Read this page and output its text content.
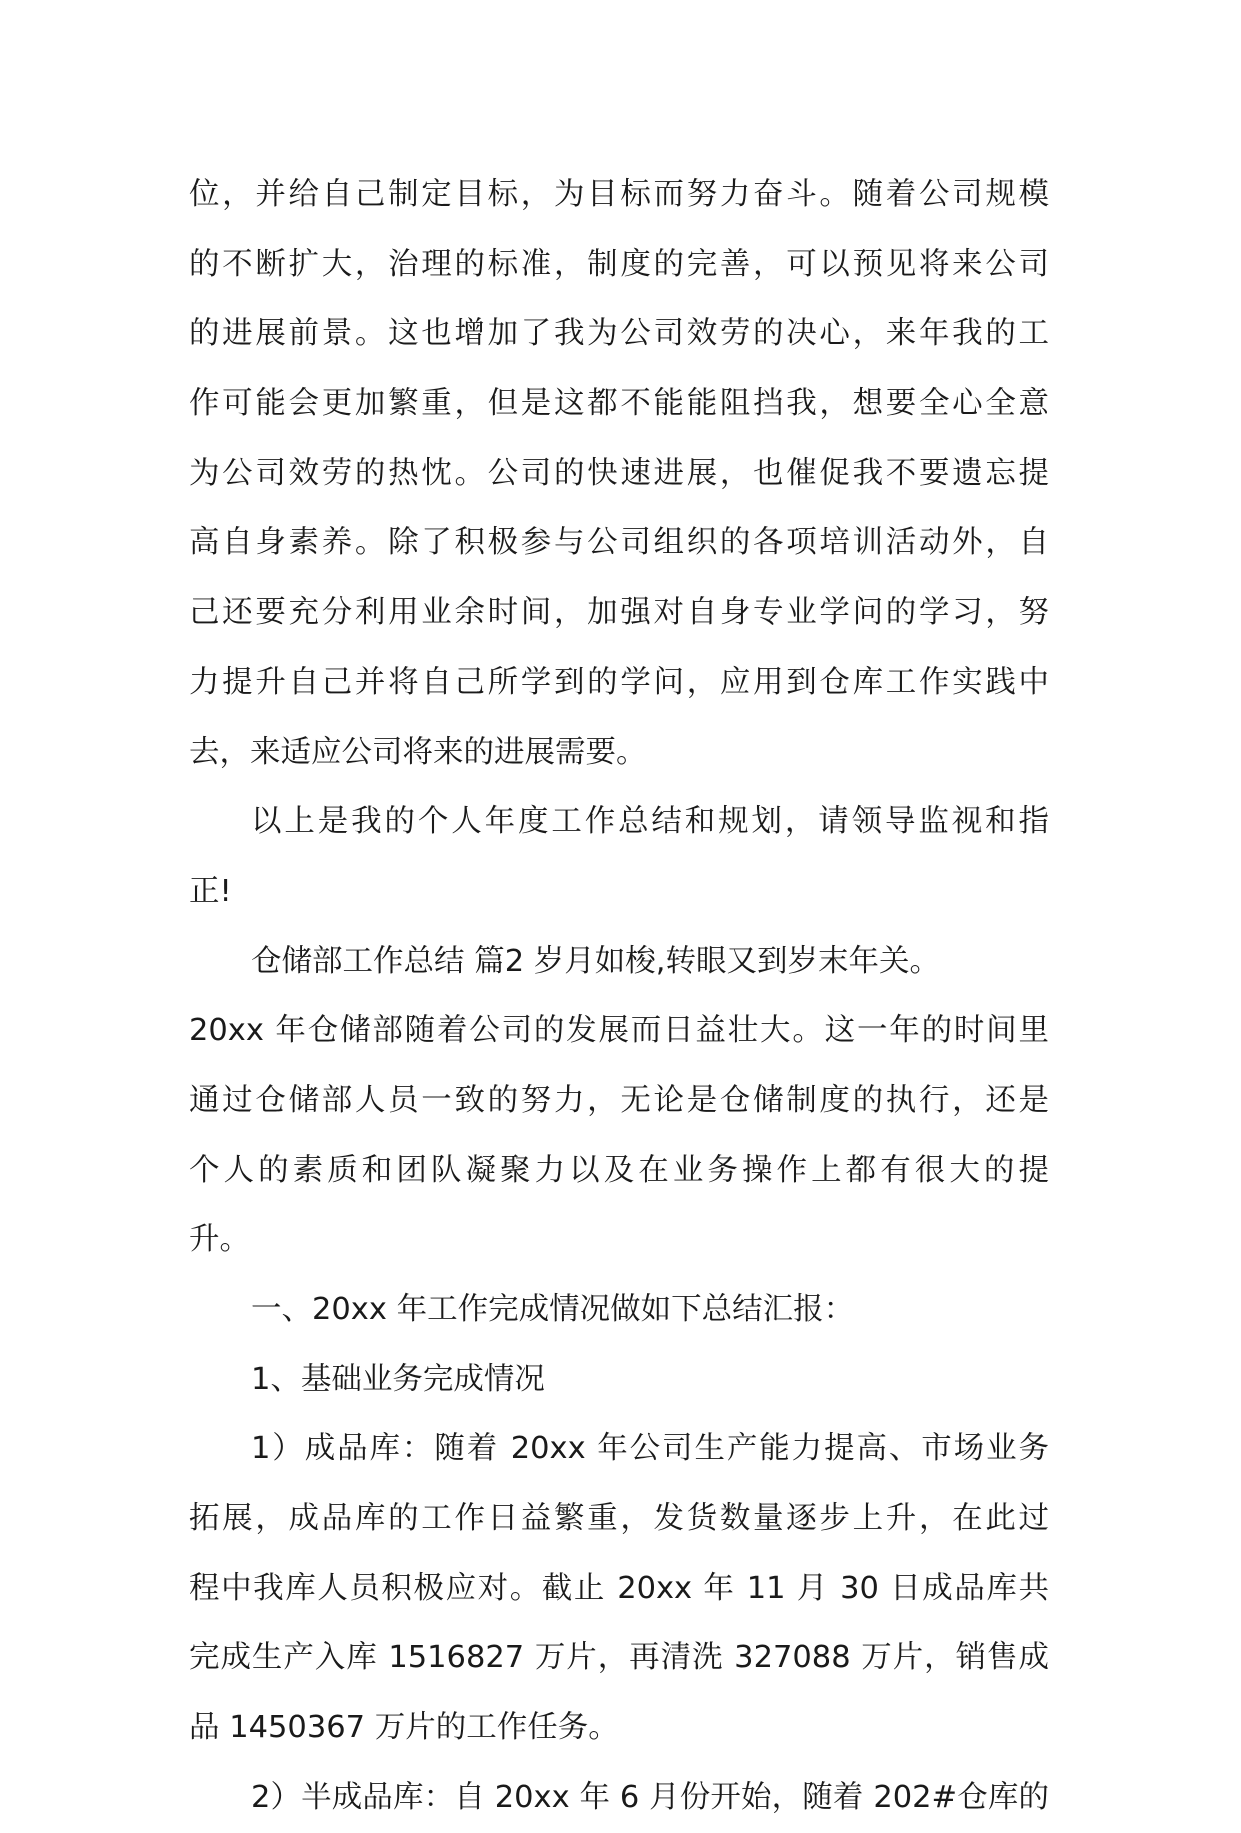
位，并给自己制定目标，为目标而努力奋斗。随着公司规模

的不断扩大，治理的标准，制度的完善，可以预见将来公司

的进展前景。这也增加了我为公司效劳的决心，来年我的工

作可能会更加繁重，但是这都不能能阻挡我，想要全心全意

为公司效劳的热忱。公司的快速进展，也催促我不要遗忘提

高自身素养。除了积极参与公司组织的各项培训活动外，自

己还要充分利用业余时间，加强对自身专业学问的学习，努

力提升自己并将自己所学到的学问，应用到仓库工作实践中

去，来适应公司将来的进展需要。

以上是我的个人年度工作总结和规划，请领导监视和指

正!

仓储部工作总结 篇2 岁月如梭,转眼又到岁末年关。

20xx 年仓储部随着公司的发展而日益壮大。这一年的时间里

通过仓储部人员一致的努力，无论是仓储制度的执行，还是

个人的素质和团队凝聚力以及在业务操作上都有很大的提

升。

一、20xx 年工作完成情况做如下总结汇报：

1、基础业务完成情况

1）成品库：随着 20xx 年公司生产能力提高、市场业务

拓展，成品库的工作日益繁重，发货数量逐步上升，在此过

程中我库人员积极应对。截止 20xx 年 11 月 30 日成品库共

完成生产入库 1516827 万片，再清洗 327088 万片，销售成

品 1450367 万片的工作任务。

2）半成品库：自 20xx 年 6 月份开始，随着 202#仓库的
